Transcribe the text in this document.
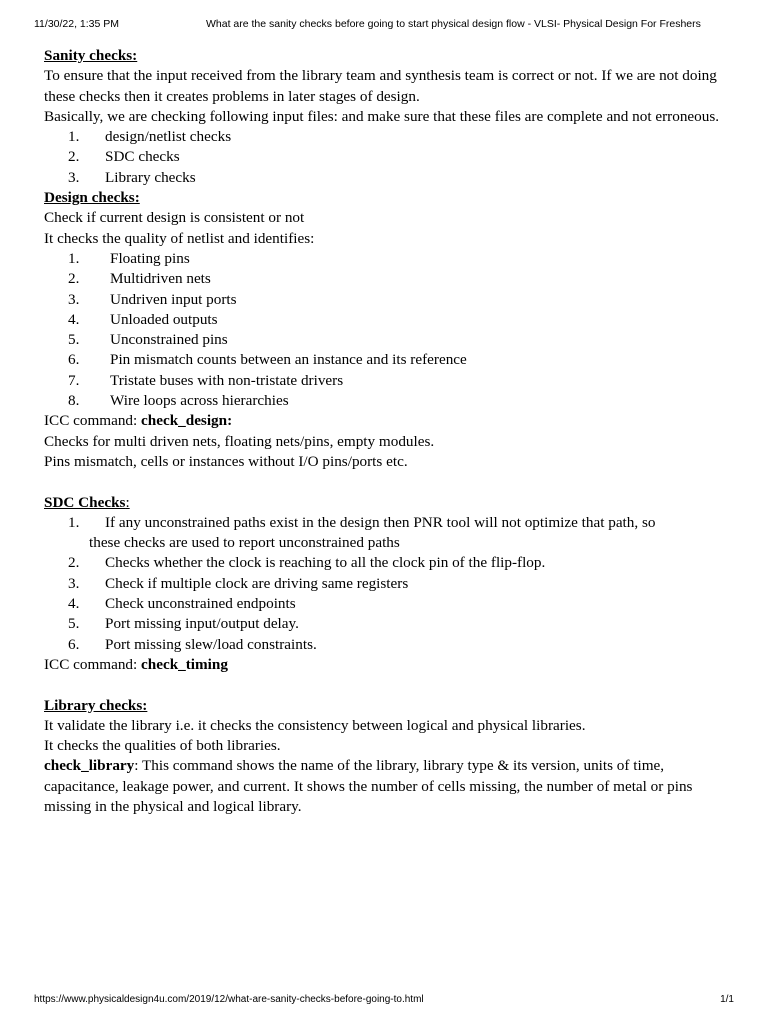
11/30/22, 1:35 PM	What are the sanity checks before going to start physical design flow - VLSI- Physical Design For Freshers

Sanity checks:

To ensure that the input received from the library team and synthesis team is correct or not. If we are not doing these checks then it creates problems in later stages of design.

Basically, we are checking following input files: and make sure that these files are complete and not erroneous.

1. design/netlist checks
2. SDC checks
3. Library checks

Design checks:

Check if current design is consistent or not

It checks the quality of netlist and identifies:

1. Floating pins
2. Multidriven nets
3. Undriven input ports
4. Unloaded outputs
5. Unconstrained pins
6. Pin mismatch counts between an instance and its reference
7. Tristate buses with non-tristate drivers
8. Wire loops across hierarchies

ICC command: check_design:

Checks for multi driven nets, floating nets/pins, empty modules.

Pins mismatch, cells or instances without I/O pins/ports etc.

SDC Checks:

1. If any unconstrained paths exist in the design then PNR tool will not optimize that path, so
these checks are used to report unconstrained paths
2. Checks whether the clock is reaching to all the clock pin of the flip-flop.
3. Check if multiple clock are driving same registers
4. Check unconstrained endpoints
5. Port missing input/output delay.
6. Port missing slew/load constraints.

ICC command: check_timing

Library checks:

It validate the library i.e. it checks the consistency between logical and physical libraries.

It checks the qualities of both libraries.

check_library: This command shows the name of the library, library type & its version, units of time, capacitance, leakage power, and current. It shows the number of cells missing, the number of metal or pins missing in the physical and logical library.

https://www.physicaldesign4u.com/2019/12/what-are-sanity-checks-before-going-to.html	1/1
